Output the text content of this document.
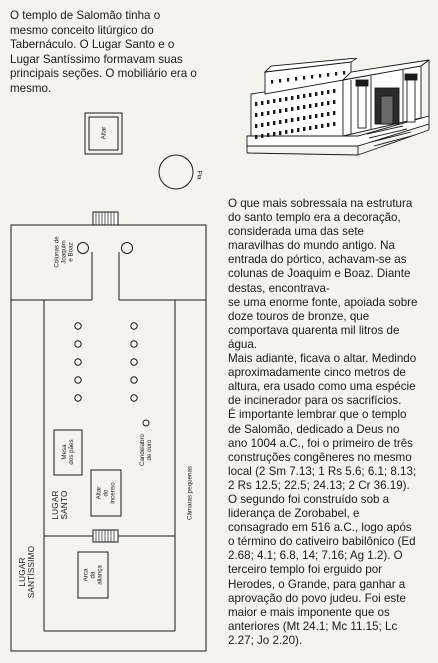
O templo de Salomão tinha o
mesmo conceito litúrgico do
Tabernáculo. O Lugar Santo e o
Lugar Santíssimo formavam suas
principais seções. O mobiliário era o
mesmo.

Altar
Pia
Colunas de
Joaquim
e Boaz
Mesa
dos pães	Candelabro
de ouro
Câmaras pequenas
LUGAR
SANTO	Altar
do
incenso
LUGAR
SANTÍSSIMO	Arca
da
aliança

O que mais sobressaía na estrutura
do santo templo era a decoração,
considerada uma das sete
maravilhas do mundo antigo. Na
entrada do pórtico, achavam-se as
colunas de Joaquim e Boaz. Diante
destas, encontrava-
se uma enorme fonte, apoiada sobre
doze touros de bronze, que
comportava quarenta mil litros de
água.
Mais adiante, ficava o altar. Medindo
aproximadamente cinco metros de
altura, era usado como uma espécie
de incinerador para os sacrifícios.
É importante lembrar que o templo
de Salomão, dedicado a Deus no
ano 1004 a.C., foi o primeiro de três
construções congêneres no mesmo
local (2 Sm 7.13; 1 Rs 5.6; 6.1; 8.13;
2 Rs 12.5; 22.5; 24.13; 2 Cr 36.19).
O segundo foi construído sob a
liderança de Zorobabel, e
consagrado em 516 a.C., logo após
o término do cativeiro babilônico (Ed
2.68; 4.1; 6.8, 14; 7.16; Ag 1.2). O
terceiro templo foi erguido por
Herodes, o Grande, para ganhar a
aprovação do povo judeu. Foi este
maior e mais imponente que os
anteriores (Mt 24.1; Mc 11.15; Lc
2.27; Jo 2.20).
